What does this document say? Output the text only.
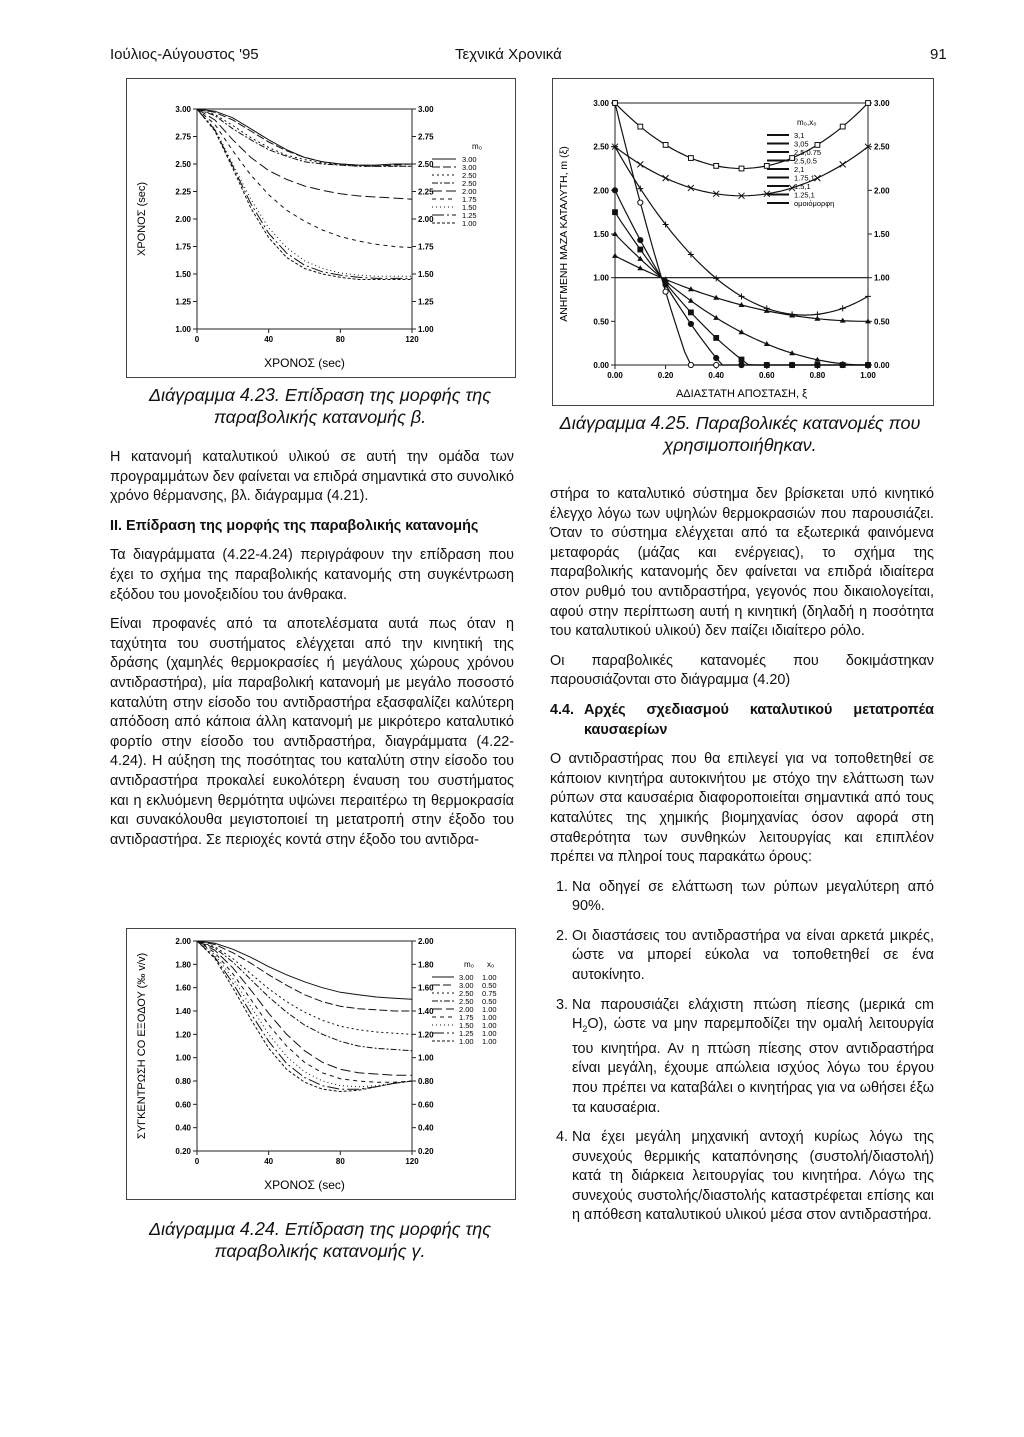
Ιούλιος-Αύγουστος '95	Τεχνικά Χρονικά	91
1.00	1.00
1.25	1.25
1.50	1.50
1.75	1.75
2.00	2.00
2.25	2.25
2.50	2.50
2.75	2.75
3.00	3.00
0	40	80	120
ΧΡΟΝΟΣ (sec)
ΧΡΟΝΟΣ (sec)
m₀
3.00
3.00
2.50
2.50
2.00
1.75
1.50
1.25
1.00
Διάγραμμα 4.23. Επίδραση της μορφής της παραβολικής κατανομής β.
0.00	0.00
0.50	0.50
1.00	1.00
1.50	1.50
2.00	2.00
2.50	2.50
3.00	3.00
0.00	0.20	0.40	0.60	0.80	1.00
m₀,x₀
3,1
3,05
2.5,0.75
2.5,0.5
2,1
1.75,1
1.5,1
1.25,1
ομοιόμορφη
ΑΔΙΑΣΤΑΤΗ ΑΠΟΣΤΑΣΗ, ξ
ΑΝΗΓΜΕΝΗ ΜΑΖΑ ΚΑΤΑΛΥΤΗ, m (ξ)
Διάγραμμα 4.25. Παραβολικές κατανομές που χρησιμοποιήθηκαν.

Η κατανομή καταλυτικού υλικού σε αυτή την ομάδα των προγραμμάτων δεν φαίνεται να επιδρά σημαντικά στο συνολικό χρόνο θέρμανσης, βλ. διάγραμμα (4.21).

II. Επίδραση της μορφής της παραβολικής κατανομής

Τα διαγράμματα (4.22-4.24) περιγράφουν την επίδραση που έχει το σχήμα της παραβολικής κατανομής στη συγκέντρωση εξόδου του μονοξειδίου του άνθρακα.

Είναι προφανές από τα αποτελέσματα αυτά πως όταν η ταχύτητα του συστήματος ελέγχεται από την κινητική της δράσης (χαμηλές θερμοκρασίες ή μεγάλους χώρους χρόνου αντιδραστήρα), μία παραβολική κατανομή με μεγάλο ποσοστό καταλύτη στην είσοδο του αντιδραστήρα εξασφαλίζει καλύτερη απόδοση από κάποια άλλη κατανομή με μικρότερο καταλυτικό φορτίο στην είσοδο του αντιδραστήρα, διαγράμματα (4.22-4.24). Η αύξηση της ποσότητας του καταλύτη στην είσοδο του αντιδραστήρα προκαλεί ευκολότερη έναυση του συστήματος και η εκλυόμενη θερμότητα υψώνει περαιτέρω τη θερμοκρασία και συνακόλουθα μεγιστοποιεί τη μετατροπή στην έξοδο του αντιδραστήρα. Σε περιοχές κοντά στην έξοδο του αντιδρα-

στήρα το καταλυτικό σύστημα δεν βρίσκεται υπό κινητικό έλεγχο λόγω των υψηλών θερμοκρασιών που παρουσιάζει. Όταν το σύστημα ελέγχεται από τα εξωτερικά φαινόμενα μεταφοράς (μάζας και ενέργειας), το σχήμα της παραβολικής κατανομής δεν φαίνεται να επιδρά ιδιαίτερα στον ρυθμό του αντιδραστήρα, γεγονός που δικαιολογείται, αφού στην περίπτωση αυτή η κινητική (δηλαδή η ποσότητα του καταλυτικού υλικού) δεν παίζει ιδιαίτερο ρόλο.

Οι παραβολικές κατανομές που δοκιμάστηκαν παρουσιάζονται στο διάγραμμα (4.20)

4.4. Αρχές σχεδιασμού καταλυτικού μετατροπέα καυσαερίων

Ο αντιδραστήρας που θα επιλεγεί για να τοποθετηθεί σε κάποιον κινητήρα αυτοκινήτου με στόχο την ελάττωση των ρύπων στα καυσαέρια διαφοροποιείται σημαντικά από τους καταλύτες της χημικής βιομηχανίας όσον αφορά στη σταθερότητα των συνθηκών λειτουργίας και επιπλέον πρέπει να πληροί τους παρακάτω όρους:

1. Να οδηγεί σε ελάττωση των ρύπων μεγαλύτερη από 90%.
2. Οι διαστάσεις του αντιδραστήρα να είναι αρκετά μικρές, ώστε να μπορεί εύκολα να τοποθετηθεί σε ένα αυτοκίνητο.
3. Να παρουσιάζει ελάχιστη πτώση πίεσης (μερικά cm $H_2O$), ώστε να μην παρεμποδίζει την ομαλή λειτουργία του κινητήρα. Αν η πτώση πίεσης στον αντιδραστήρα είναι μεγάλη, έχουμε απώλεια ισχύος λόγω του έργου που πρέπει να καταβάλει ο κινητήρας για να ωθήσει έξω τα καυσαέρια.
4. Να έχει μεγάλη μηχανική αντοχή κυρίως λόγω της συνεχούς θερμικής καταπόνησης (συστολή/διαστολή) κατά τη διάρκεια λειτουργίας του κινητήρα. Λόγω της συνεχούς συστολής/διαστολής καταστρέφεται επίσης και η απόθεση καταλυτικού υλικού μέσα στον αντιδραστήρα.
0.20	0.20
0.40	0.40
0.60	0.60
0.80	0.80
1.00	1.00
1.20	1.20
1.40	1.40
1.60	1.60
1.80	1.80
2.00	2.00
0	40	80	120
ΧΡΟΝΟΣ (sec)
ΣΥΓΚΕΝΤΡΩΣΗ CO ΕΞΟΔΟΥ (‰ v/v)	m₀ x₀
3.00 1.00
3.00 0.50
2.50 0.75
2.50 0.50
2.00 1.00
1.75 1.00
1.50 1.00
1.25 1.00
1.00 1.00
Διάγραμμα 4.24. Επίδραση της μορφής της παραβολικής κατανομής γ.
